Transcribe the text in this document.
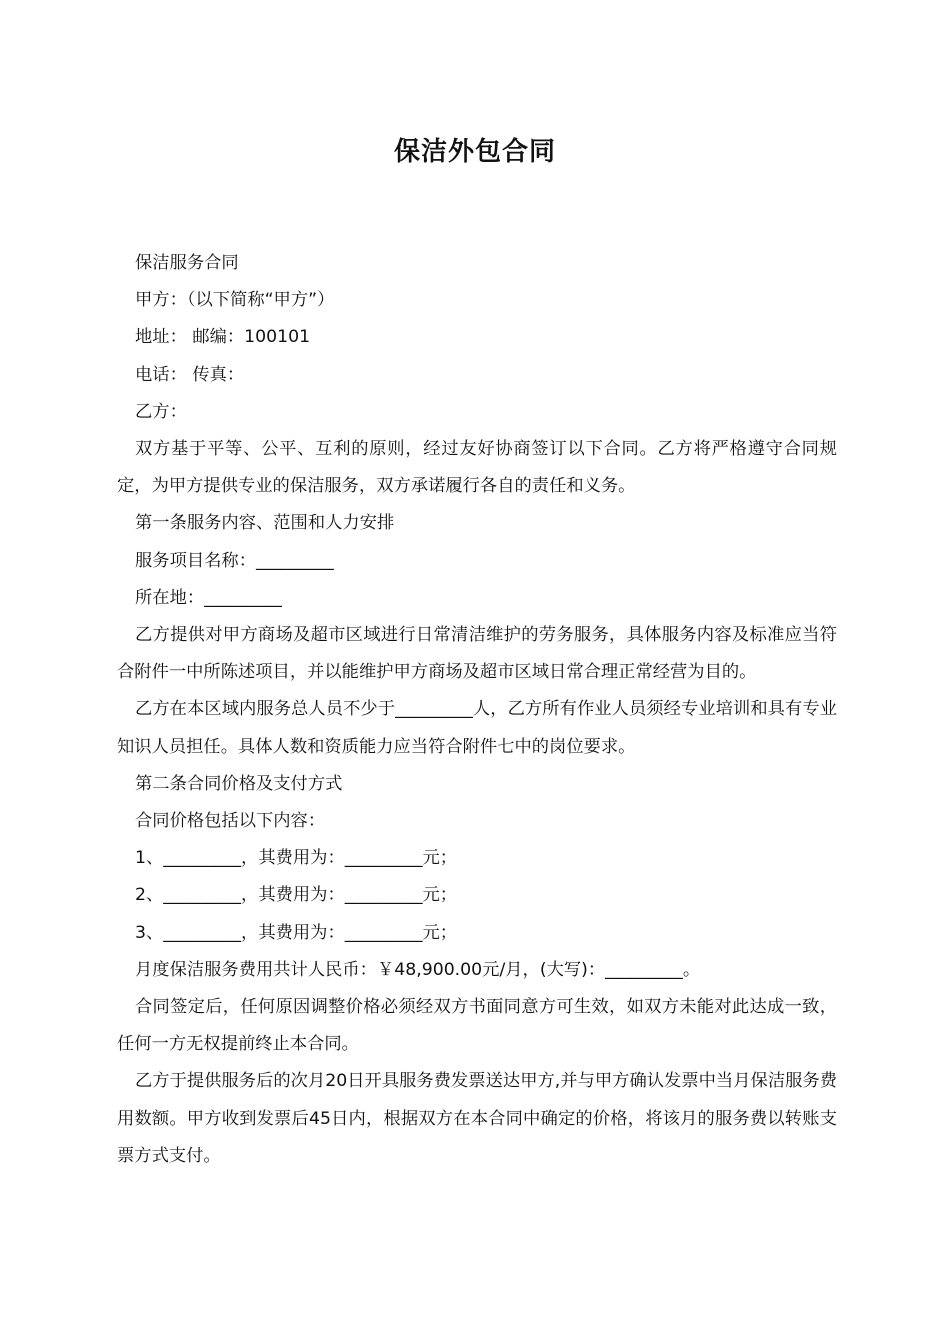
保洁外包合同

保洁服务合同

甲方：（以下简称“甲方”）

地址： 邮编：100101

电话： 传真：

乙方：

双方基于平等、公平、互利的原则，经过友好协商签订以下合同。乙方将严格遵守合同规定，为甲方提供专业的保洁服务，双方承诺履行各自的责任和义务。

第一条服务内容、范围和人力安排

服务项目名称：_________

所在地：_________

乙方提供对甲方商场及超市区域进行日常清洁维护的劳务服务，具体服务内容及标准应当符合附件一中所陈述项目，并以能维护甲方商场及超市区域日常合理正常经营为目的。

乙方在本区域内服务总人员不少于_________人，乙方所有作业人员须经专业培训和具有专业知识人员担任。具体人数和资质能力应当符合附件七中的岗位要求。

第二条合同价格及支付方式

合同价格包括以下内容：

1、_________，其费用为：_________元；

2、_________，其费用为：_________元；

3、_________，其费用为：_________元；

月度保洁服务费用共计人民币：￥48,900.00元/月，(大写)：_________。

合同签定后，任何原因调整价格必须经双方书面同意方可生效，如双方未能对此达成一致，任何一方无权提前终止本合同。

乙方于提供服务后的次月20日开具服务费发票送达甲方,并与甲方确认发票中当月保洁服务费用数额。甲方收到发票后45日内，根据双方在本合同中确定的价格，将该月的服务费以转账支票方式支付。
